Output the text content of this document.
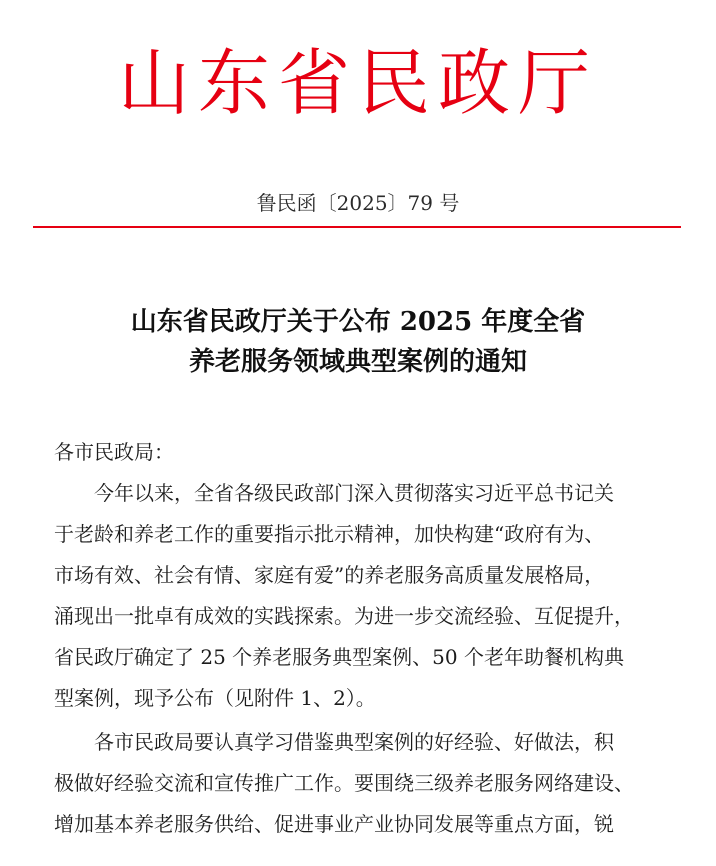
山东省民政厅
鲁民函〔2025〕79 号
山东省民政厅关于公布 2025 年度全省
养老服务领域典型案例的通知

各市民政局：

今年以来，全省各级民政部门深入贯彻落实习近平总书记关
于老龄和养老工作的重要指示批示精神，加快构建“政府有为、
市场有效、社会有情、家庭有爱”的养老服务高质量发展格局，
涌现出一批卓有成效的实践探索。为进一步交流经验、互促提升，
省民政厅确定了 25 个养老服务典型案例、50 个老年助餐机构典
型案例，现予公布（见附件 1、2）。

各市民政局要认真学习借鉴典型案例的好经验、好做法，积
极做好经验交流和宣传推广工作。要围绕三级养老服务网络建设、
增加基本养老服务供给、促进事业产业协同发展等重点方面，锐
